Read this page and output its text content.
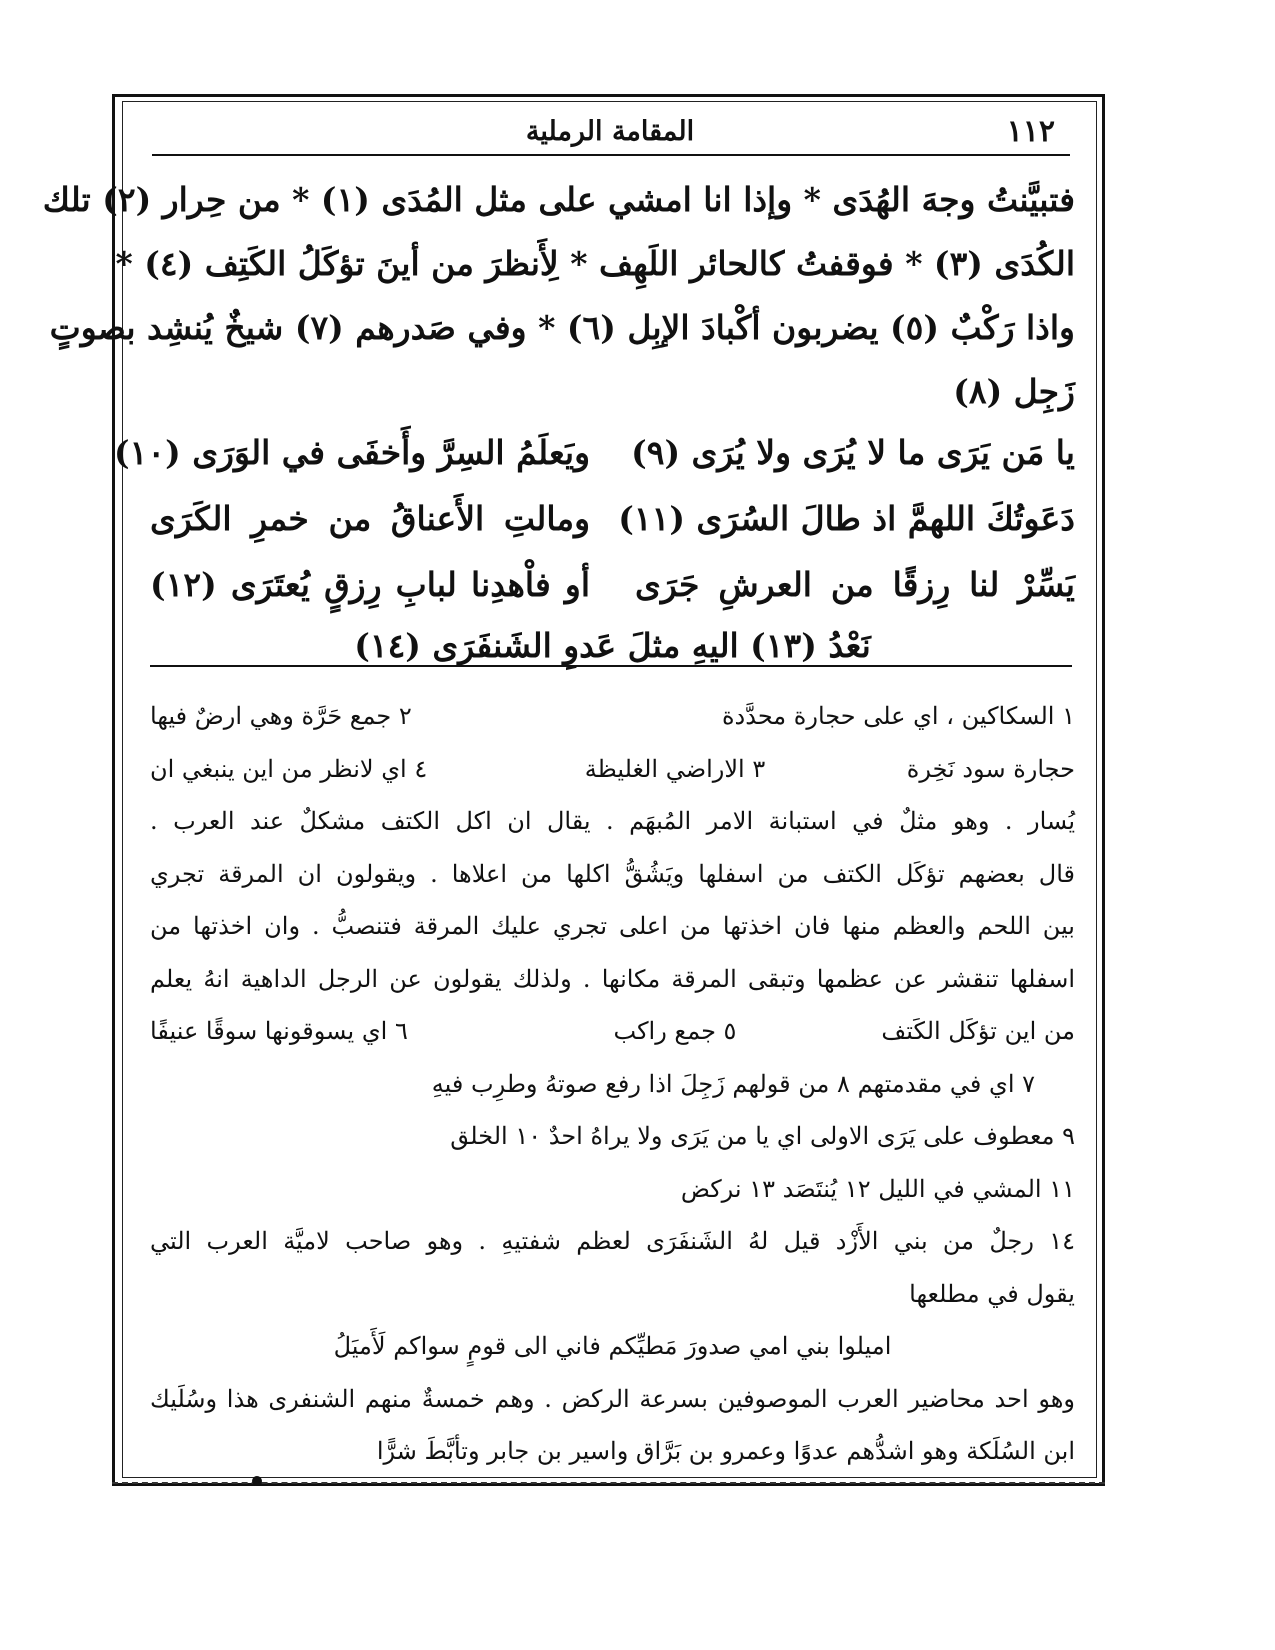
١١٢
المقامة الرملية
فتبيَّنتُ وجهَ الهُدَى * وإذا انا امشي على مثل المُدَى (١) * من حِرار (٢) تلك
الكُدَى (٣) * فوقفتُ كالحائر اللَهِف * لِأَنظرَ من أينَ تؤكَلُ الكَتِف (٤) *
واذا رَكْبٌ (٥) يضربون أكْبادَ الإبِل (٦) * وفي صَدرهم (٧) شيخٌ يُنشِد بصوتٍ
زَجِل (٨)
يا مَن يَرَى ما لا يُرَى ولا يُرَى (٩)
ويَعلَمُ السِرَّ وأَخفَى في الوَرَى (١٠)
دَعَوتُكَ اللهمَّ اذ طالَ السُرَى (١١)
ومالتِ الأَعناقُ من خمرِ الكَرَى
يَسِّرْ لنا رِزقًا من العرشِ جَرَى
أو فاْهدِنا لبابِ رِزقٍ يُعتَرَى (١٢)
نَعْدُ (١٣) اليهِ مثلَ عَدوِ الشَنفَرَى (١٤)
١ السكاكين ، اي على حجارة محدَّدة
٢ جمع حَرَّة وهي ارضٌ فيها
حجارة سود نَخِرة
٣ الاراضي الغليظة
٤ اي لانظر من اين ينبغي ان
يُسار . وهو مثلٌ في استبانة الامر المُبهَم . يقال ان اكل الكتف مشكلٌ عند العرب .
قال بعضهم تؤكَل الكتف من اسفلها ويَشُقُّ اكلها من اعلاها . ويقولون ان المرقة تجري
بين اللحم والعظم منها فان اخذتها من اعلى تجري عليك المرقة فتنصبُّ . وان اخذتها من
اسفلها تنقشر عن عظمها وتبقى المرقة مكانها . ولذلك يقولون عن الرجل الداهية انهُ يعلم
من اين تؤكَل الكَتف
٥ جمع راكب
٦ اي يسوقونها سوقًا عنيفًا
٧ اي في مقدمتهم ٨ من قولهم زَجِلَ اذا رفع صوتهُ وطرِب فيهِ
٩ معطوف على يَرَى الاولى اي يا من يَرَى ولا يراهُ احدٌ ١٠ الخلق
١١ المشي في الليل ١٢ يُنتَصَد ١٣ نركض
١٤ رجلٌ من بني الأَزْد قيل لهُ الشَنفَرَى لعظم شفتيهِ . وهو صاحب لاميَّة العرب التي
يقول في مطلعها
اميلوا بني امي صدورَ مَطيِّكم فاني الى قومٍ سواكم لَأَميَلُ
وهو احد محاضير العرب الموصوفين بسرعة الركض . وهم خمسةٌ منهم الشنفرى هذا وسُلَيك
ابن السُلَكة وهو اشدُّهم عدوًا وعمرو بن بَرَّاق واسير بن جابر وتأبَّطَ شرًّا
